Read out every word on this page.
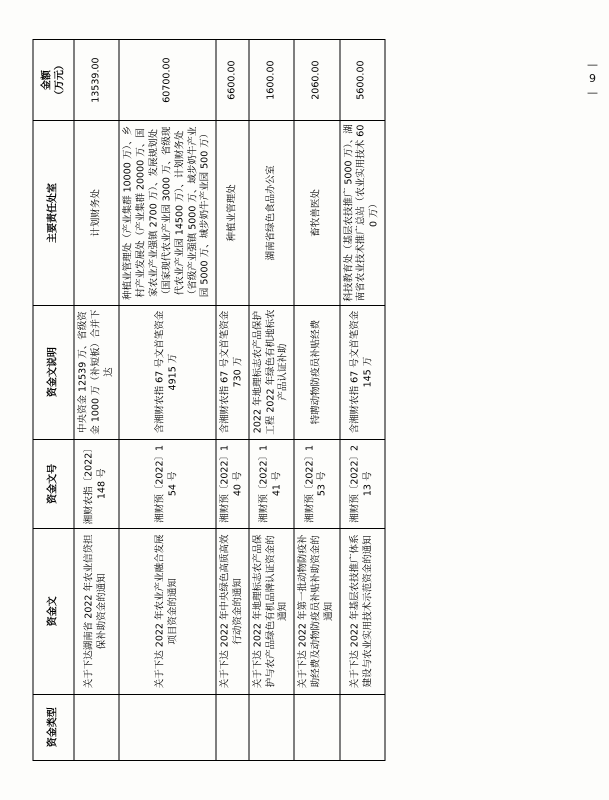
—9—
资金类型	资金文	资金文号	资金文说明	主要责任处室	金额 （万元）

	关于下达湖南省 2022 年农业信贷担保补助资金的通知	湘财农指〔2022〕148 号	中央资金 12539 万、省级资金 1000 万（补短板）合并下达	计划财务处	13539.00
	关于下达 2022 年农业产业融合发展项目资金的通知	湘财预〔2022〕154 号	含湘财农指 67 号文首笔资金 4915 万	种植业管理处（产业集群 10000 万）、乡村产业发展处（产业集群 20000 万、国家农业产业强镇 2700 万）、发展规划处（国家现代农业产业园 3000 万、省级现代农业产业园 14500 万）、计划财务处（省级产业强镇 5000 万、域步奶牛产业园 5000 万、城步奶牛产业园 500 万）	60700.00
	关于下达 2022 年中央绿色高质高效行动资金的通知	湘财预〔2022〕140 号	含湘财农指 67 号文首笔资金 730 万	种植业管理处	6600.00
	关于下达 2022 年地理标志农产品保护与农产品绿色有机品牌认证资金的通知	湘财预〔2022〕141 号	2022 年地理标志农产品保护工程 2022 年绿色有机地标农产品认证补助	湖南省绿色食品办公室	1600.00
	关于下达 2022 年第一批动物防疫补助经费及动物防疫员补贴补助资金的通知	湘财预〔2022〕153 号	特聘动物防疫员补贴经费	畜牧兽医处	2060.00
	关于下达 2022 年基层农技推广体系建设与农业实用技术示范资金的通知	湘财预〔2022〕213 号	含湘财农指 67 号文首笔资金 145 万	科技教育处（基层农技推广 5000 万）、湖南省农业技术推广总站（农业实用技术 600 万）	5600.00
